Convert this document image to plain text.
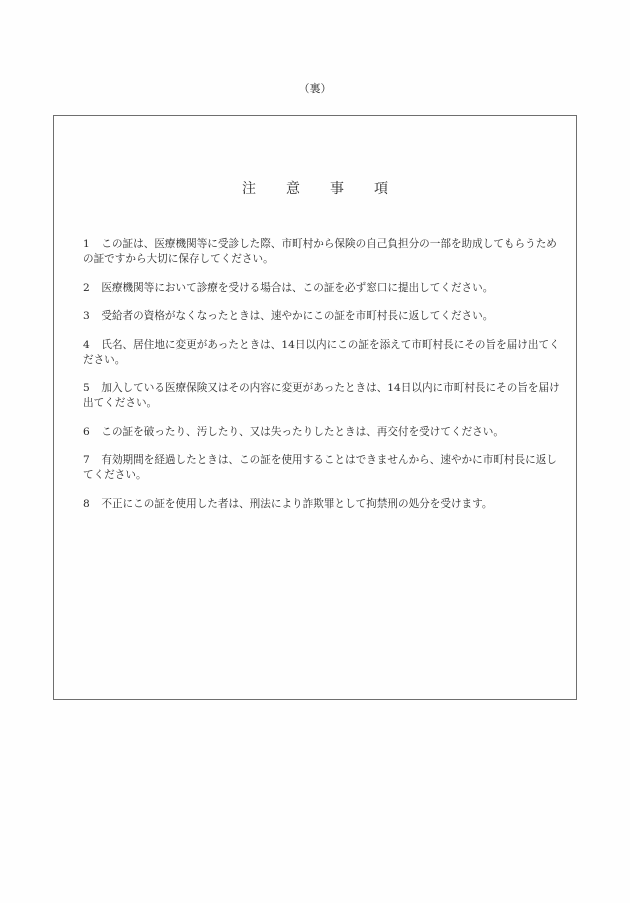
（裏）
注 意 事 項
1 この証は、医療機関等に受診した際、市町村から保険の自己負担分の一部を助成してもらうための証ですから大切に保存してください。
2 医療機関等において診療を受ける場合は、この証を必ず窓口に提出してください。
3 受給者の資格がなくなったときは、速やかにこの証を市町村長に返してください。
4 氏名、居住地に変更があったときは、14日以内にこの証を添えて市町村長にその旨を届け出てください。
5 加入している医療保険又はその内容に変更があったときは、14日以内に市町村長にその旨を届け出てください。
6 この証を破ったり、汚したり、又は失ったりしたときは、再交付を受けてください。
7 有効期間を経過したときは、この証を使用することはできませんから、速やかに市町村長に返してください。
8 不正にこの証を使用した者は、刑法により詐欺罪として拘禁刑の処分を受けます。
